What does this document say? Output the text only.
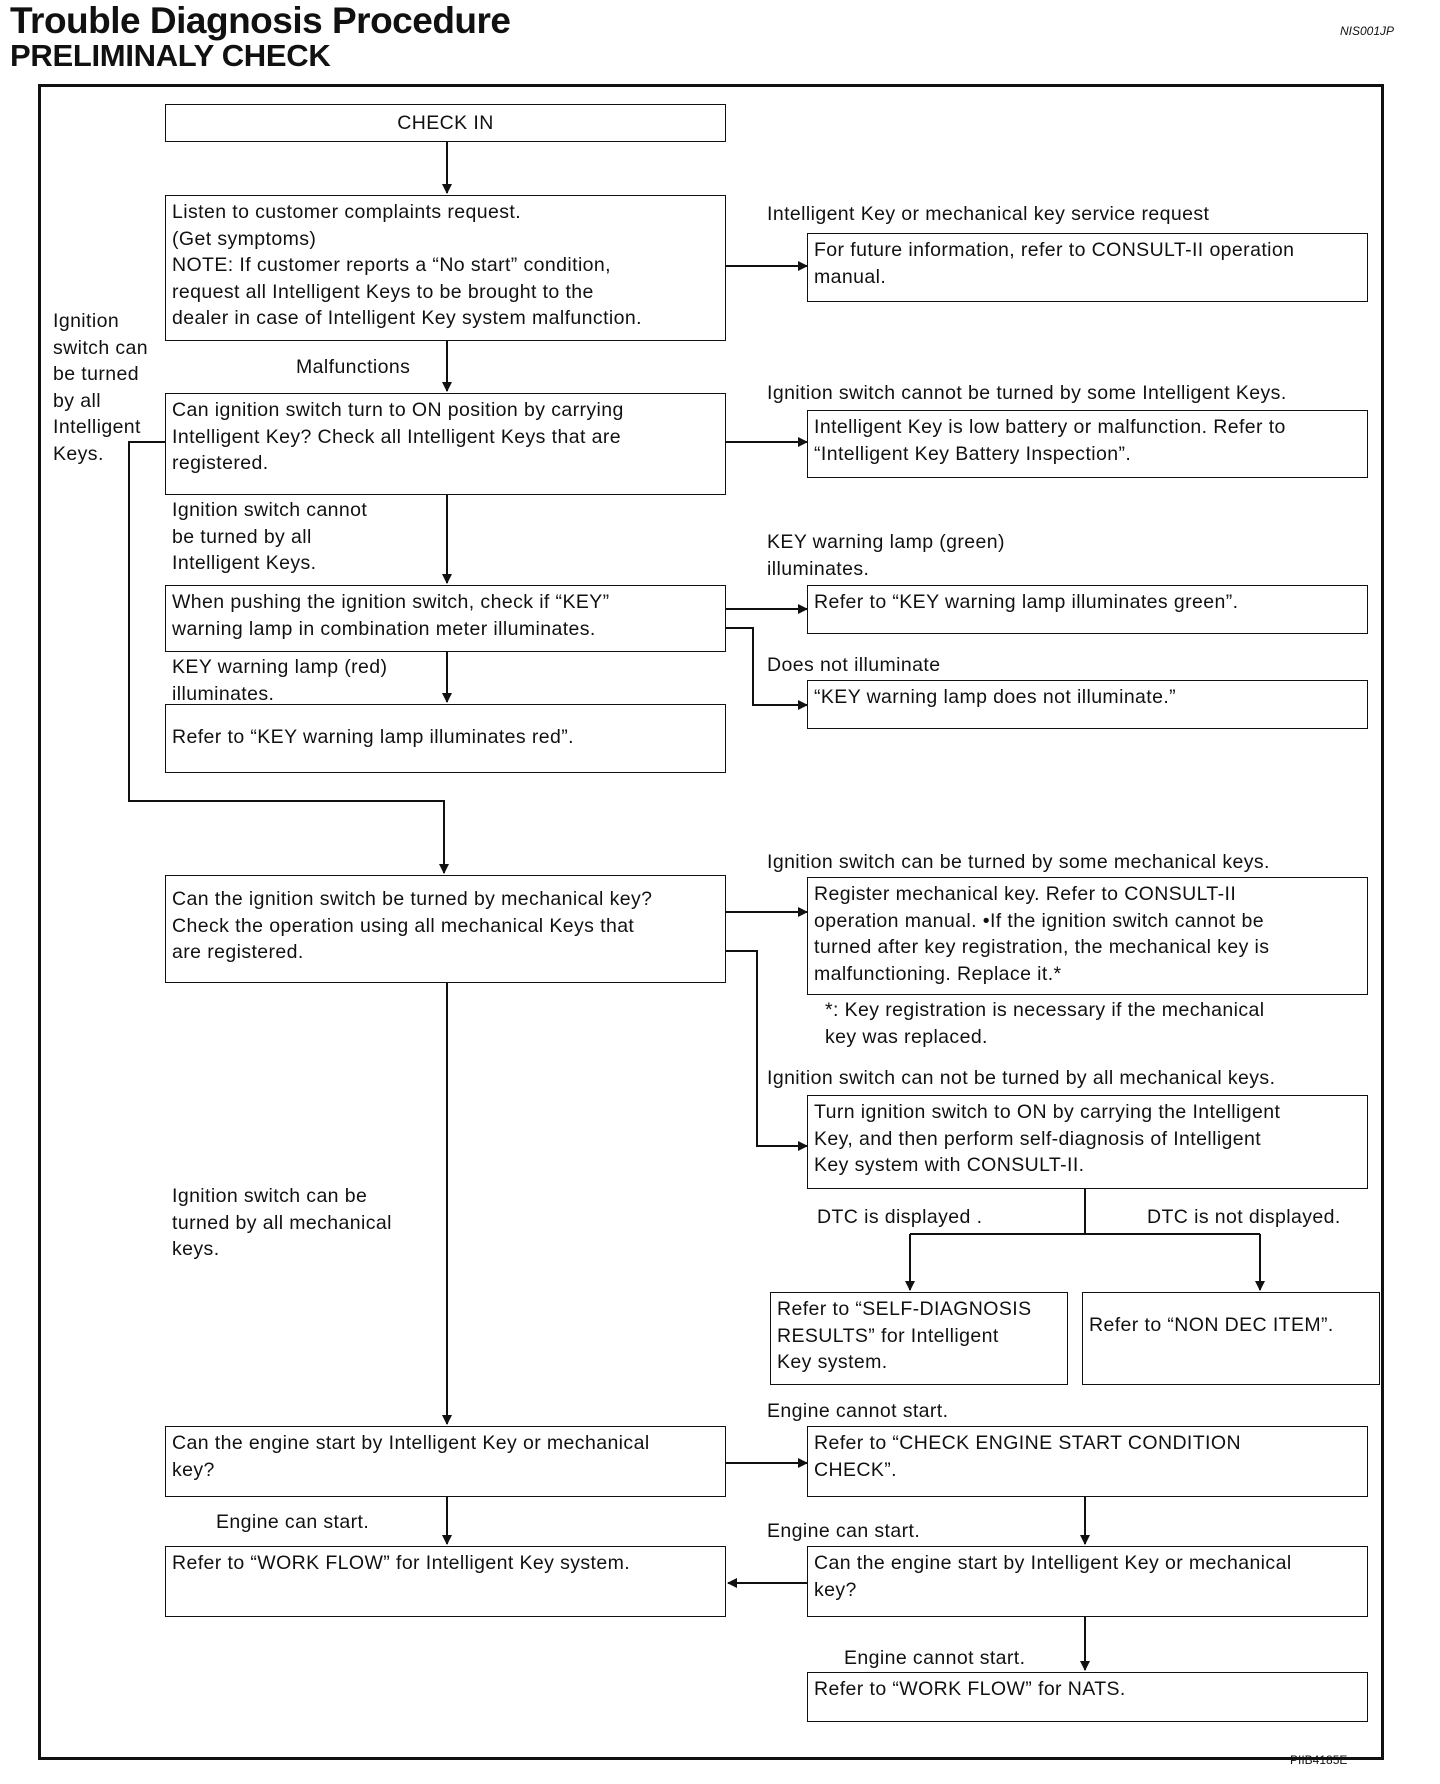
Trouble Diagnosis Procedure
PRELIMINALY CHECK
NIS001JP
CHECK IN
Listen to customer complaints request.
(Get symptoms)
NOTE: If customer reports a “No start” condition,
request all Intelligent Keys to be brought to the
dealer in case of Intelligent Key system malfunction.
For future information, refer to CONSULT-II operation
manual.
Can ignition switch turn to ON position by carrying
Intelligent Key? Check all Intelligent Keys that are
registered.
Intelligent Key is low battery or malfunction. Refer to
“Intelligent Key Battery Inspection”.
When pushing the ignition switch, check if “KEY”
warning lamp in combination meter illuminates.
Refer to “KEY warning lamp illuminates green”.
“KEY warning lamp does not illuminate.”
Refer to “KEY warning lamp illuminates red”.
Can the ignition switch be turned by mechanical key?
Check the operation using all mechanical Keys that
are registered.
Register mechanical key. Refer to CONSULT-II
operation manual. •If the ignition switch cannot be
turned after key registration, the mechanical key is
malfunctioning. Replace it.*
Turn ignition switch to ON by carrying the Intelligent
Key, and then perform self-diagnosis of Intelligent
Key system with CONSULT-II.
Refer to “SELF-DIAGNOSIS
RESULTS” for Intelligent
Key system.
Refer to “NON DEC ITEM”.
Can the engine start by Intelligent Key or mechanical
key?
Refer to “CHECK ENGINE START CONDITION
CHECK”.
Refer to “WORK FLOW” for Intelligent Key system.	Can the engine start by Intelligent Key or mechanical
key?
Refer to “WORK FLOW” for NATS.
Intelligent Key or mechanical key service request
Ignition
switch can
be turned
by all
Intelligent
Keys.
Malfunctions
Ignition switch cannot be turned by some Intelligent Keys.
Ignition switch cannot
be turned by all
Intelligent Keys.
KEY warning lamp (green)
illuminates.
Does not illuminate
KEY warning lamp (red)
illuminates.
Ignition switch can be turned by some mechanical keys.
*: Key registration is necessary if the mechanical
key was replaced.
Ignition switch can not be turned by all mechanical keys.
Ignition switch can be
turned by all mechanical
keys.
DTC is displayed .	DTC is not displayed.
Engine cannot start.
Engine can start.	Engine can start.
Engine cannot start.
PIIB4185E
